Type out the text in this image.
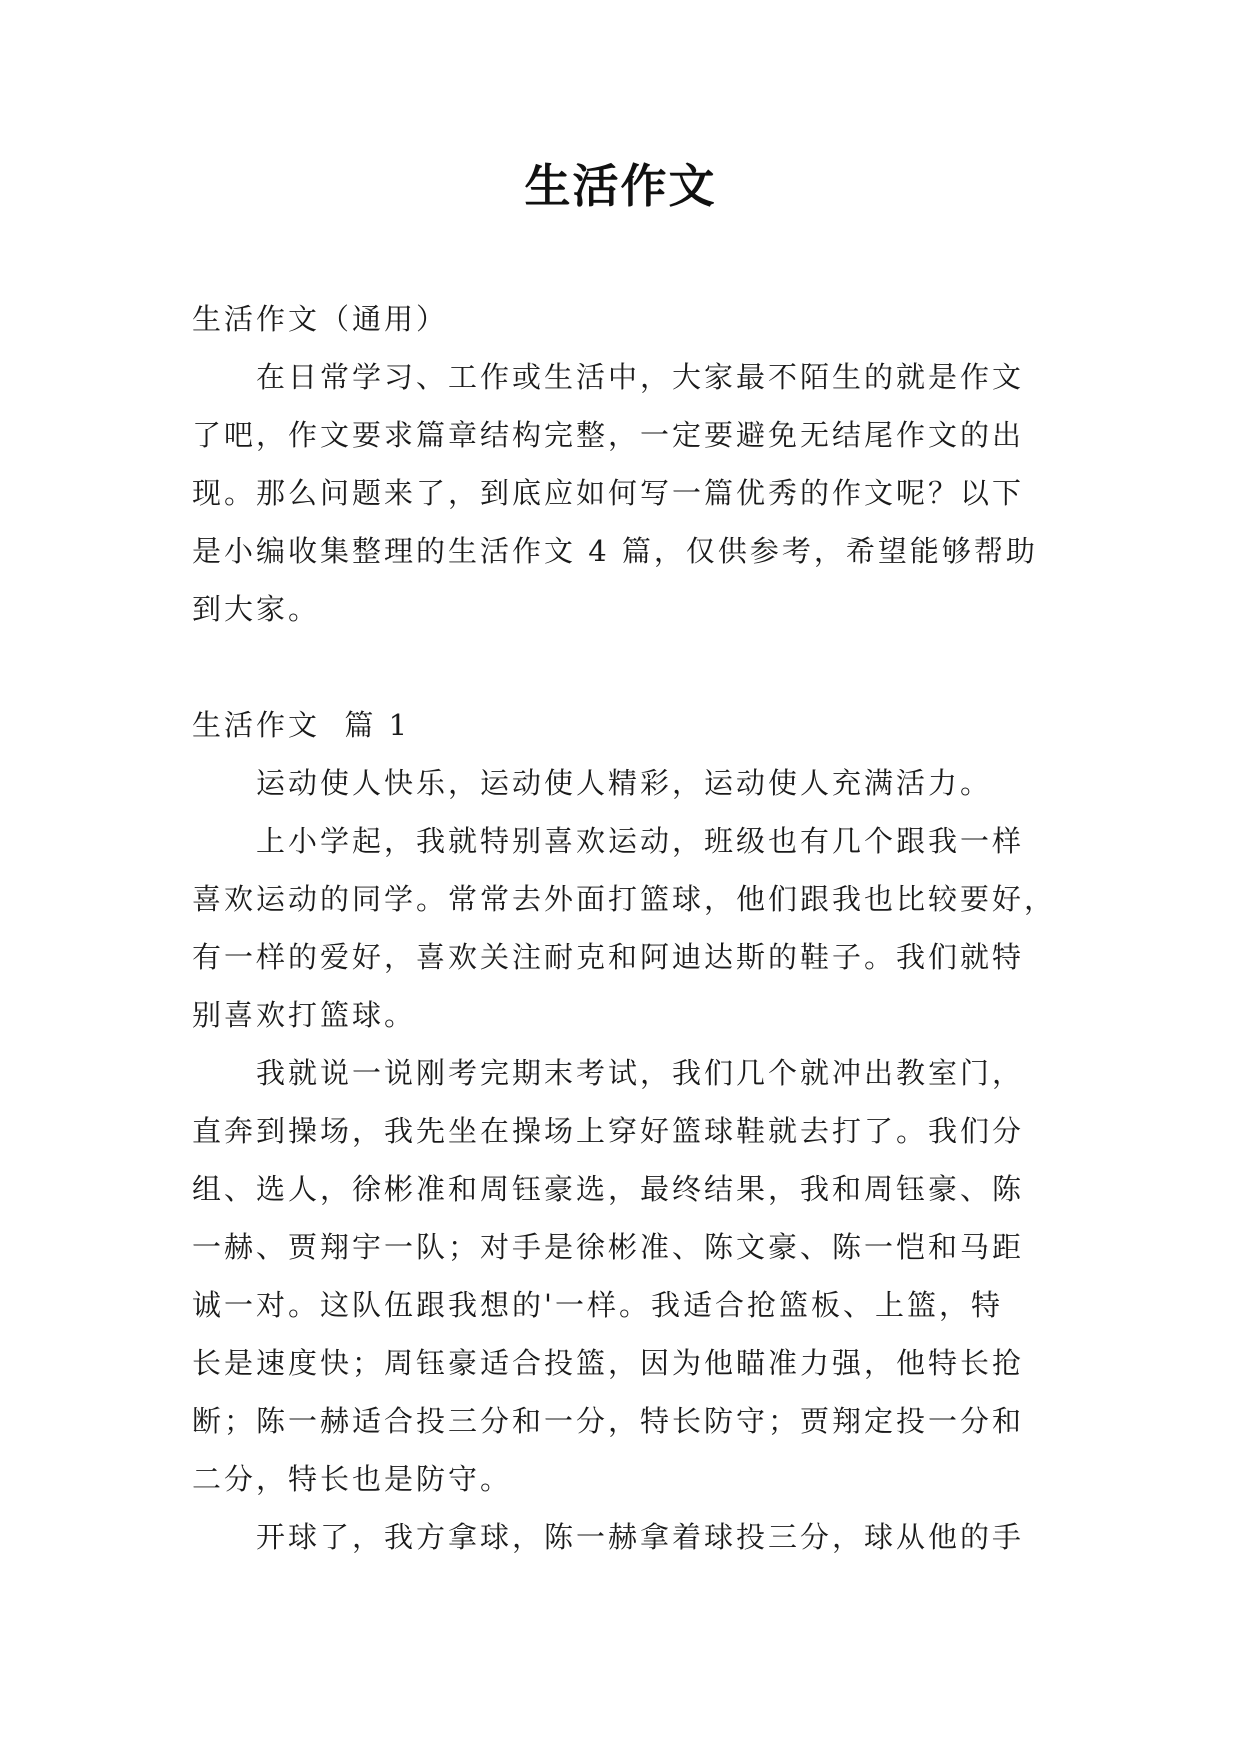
生活作文
生活作文（通用）
在日常学习、工作或生活中，大家最不陌生的就是作文
了吧，作文要求篇章结构完整，一定要避免无结尾作文的出
现。那么问题来了，到底应如何写一篇优秀的作文呢？以下
是小编收集整理的生活作文 4 篇，仅供参考，希望能够帮助
到大家。
生活作文  篇 1
运动使人快乐，运动使人精彩，运动使人充满活力。
上小学起，我就特别喜欢运动，班级也有几个跟我一样
喜欢运动的同学。常常去外面打篮球，他们跟我也比较要好，
有一样的爱好，喜欢关注耐克和阿迪达斯的鞋子。我们就特
别喜欢打篮球。
我就说一说刚考完期末考试，我们几个就冲出教室门，
直奔到操场，我先坐在操场上穿好篮球鞋就去打了。我们分
组、选人，徐彬准和周钰豪选，最终结果，我和周钰豪、陈
一赫、贾翔宇一队；对手是徐彬准、陈文豪、陈一恺和马距
诚一对。这队伍跟我想的'一样。我适合抢篮板、上篮，特
长是速度快；周钰豪适合投篮，因为他瞄准力强，他特长抢
断；陈一赫适合投三分和一分，特长防守；贾翔定投一分和
二分，特长也是防守。
开球了，我方拿球，陈一赫拿着球投三分，球从他的手
